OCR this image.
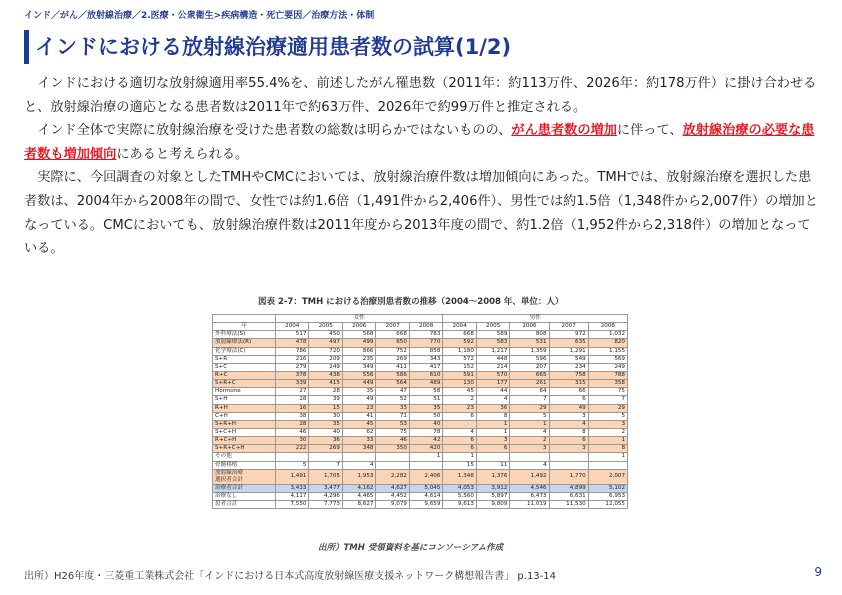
インド／がん／放射線治療／2.医療・公衆衛生>疾病構造・死亡要因／治療方法・体制
インドにおける放射線治療適用患者数の試算(1/2)

インドにおける適切な放射線適用率55.4%を、前述したがん罹患数（2011年：約113万件、2026年：約178万件）に掛け合わせると、放射線治療の適応となる患者数は2011年で約63万件、2026年で約99万件と推定される。

インド全体で実際に放射線治療を受けた患者数の総数は明らかではないものの、がん患者数の増加に伴って、放射線治療の必要な患者数も増加傾向にあると考えられる。

実際に、今回調査の対象としたTMHやCMCにおいては、放射線治療件数は増加傾向にあった。TMHでは、放射線治療を選択した患者数は、2004年から2008年の間で、女性では約1.6倍（1,491件から2,406件）、男性では約1.5倍（1,348件から2,007件）の増加となっている。CMCにおいても、放射線治療件数は2011年度から2013年度の間で、約1.2倍（1,952件から2,318件）の増加となっている。

図表 2-7：TMH における治療別患者数の推移（2004〜2008 年、単位：人）
	女性					男性				
年	2004	2005	2006	2007	2008	2004	2005	2006	2007	2008
外科療法(S)	517	450	568	668	783	668	589	808	972	1,032
放射線療法(R)	478	497	499	650	770	592	583	531	635	820
化学療法(C)	786	720	866	752	858	1,180	1,217	1,359	1,291	1,155
S+R	216	209	235	269	343	572	448	596	549	569
S+C	279	249	349	411	417	152	214	207	234	249
R+C	378	438	556	586	610	591	570	665	758	788
S+R+C	339	415	449	564	489	130	177	261	315	358
Hormone	27	28	35	47	58	45	44	64	66	75
S+H	28	39	49	52	51	2	4	7	6	7
R+H	16	15	23	33	35	23	36	29	49	29
C+H	38	30	41	71	50	6	8	5	3	5
S+R+H	28	35	45	53	40		1	1	4	3
S+C+H	46	40	62	75	78	4	1	4	8	2
R+C+H	30	36	33	46	42	6	3	2	6	1
S+R+C+H	222	269	348	350	420	6	6	3	3	8
その他					1	1				1
骨髄移植	5	7	4			15	11	4		

放射線治療
選択者合計	1,491	1,705	1,953	2,282	2,406	1,348	1,376	1,492	1,770	2,007
治療者合計	3,433	3,477	4,162	4,627	5,045	4,053	3,912	4,546	4,899	5,102
治療なし	4,117	4,296	4,465	4,452	4,614	5,560	5,897	6,473	6,631	6,953
患者合計	7,550	7,773	8,627	9,079	9,659	9,613	9,809	11,019	11,530	12,055
出所）TMH 受領資料を基にコンソーシアム作成
出所）H26年度・三菱重工業株式会社「インドにおける日本式高度放射線医療支援ネットワーク構想報告書」 p.13-14	9
